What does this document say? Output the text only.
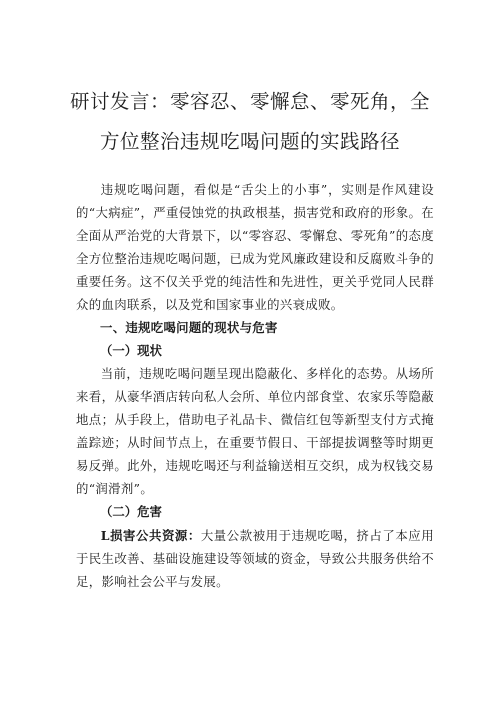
研讨发言：零容忍、零懈怠、零死角，全
方位整治违规吃喝问题的实践路径

违规吃喝问题，看似是“舌尖上的小事”，实则是作风建设的“大病症”，严重侵蚀党的执政根基，损害党和政府的形象。在全面从严治党的大背景下，以“零容忍、零懈怠、零死角”的态度全方位整治违规吃喝问题，已成为党风廉政建设和反腐败斗争的重要任务。这不仅关乎党的纯洁性和先进性，更关乎党同人民群众的血肉联系，以及党和国家事业的兴衰成败。

一、违规吃喝问题的现状与危害

（一）现状

当前，违规吃喝问题呈现出隐蔽化、多样化的态势。从场所来看，从豪华酒店转向私人会所、单位内部食堂、农家乐等隐蔽地点；从手段上，借助电子礼品卡、微信红包等新型支付方式掩盖踪迹；从时间节点上，在重要节假日、干部提拔调整等时期更易反弹。此外，违规吃喝还与利益输送相互交织，成为权钱交易的“润滑剂”。

（二）危害

L损害公共资源：大量公款被用于违规吃喝，挤占了本应用于民生改善、基础设施建设等领域的资金，导致公共服务供给不足，影响社会公平与发展。
